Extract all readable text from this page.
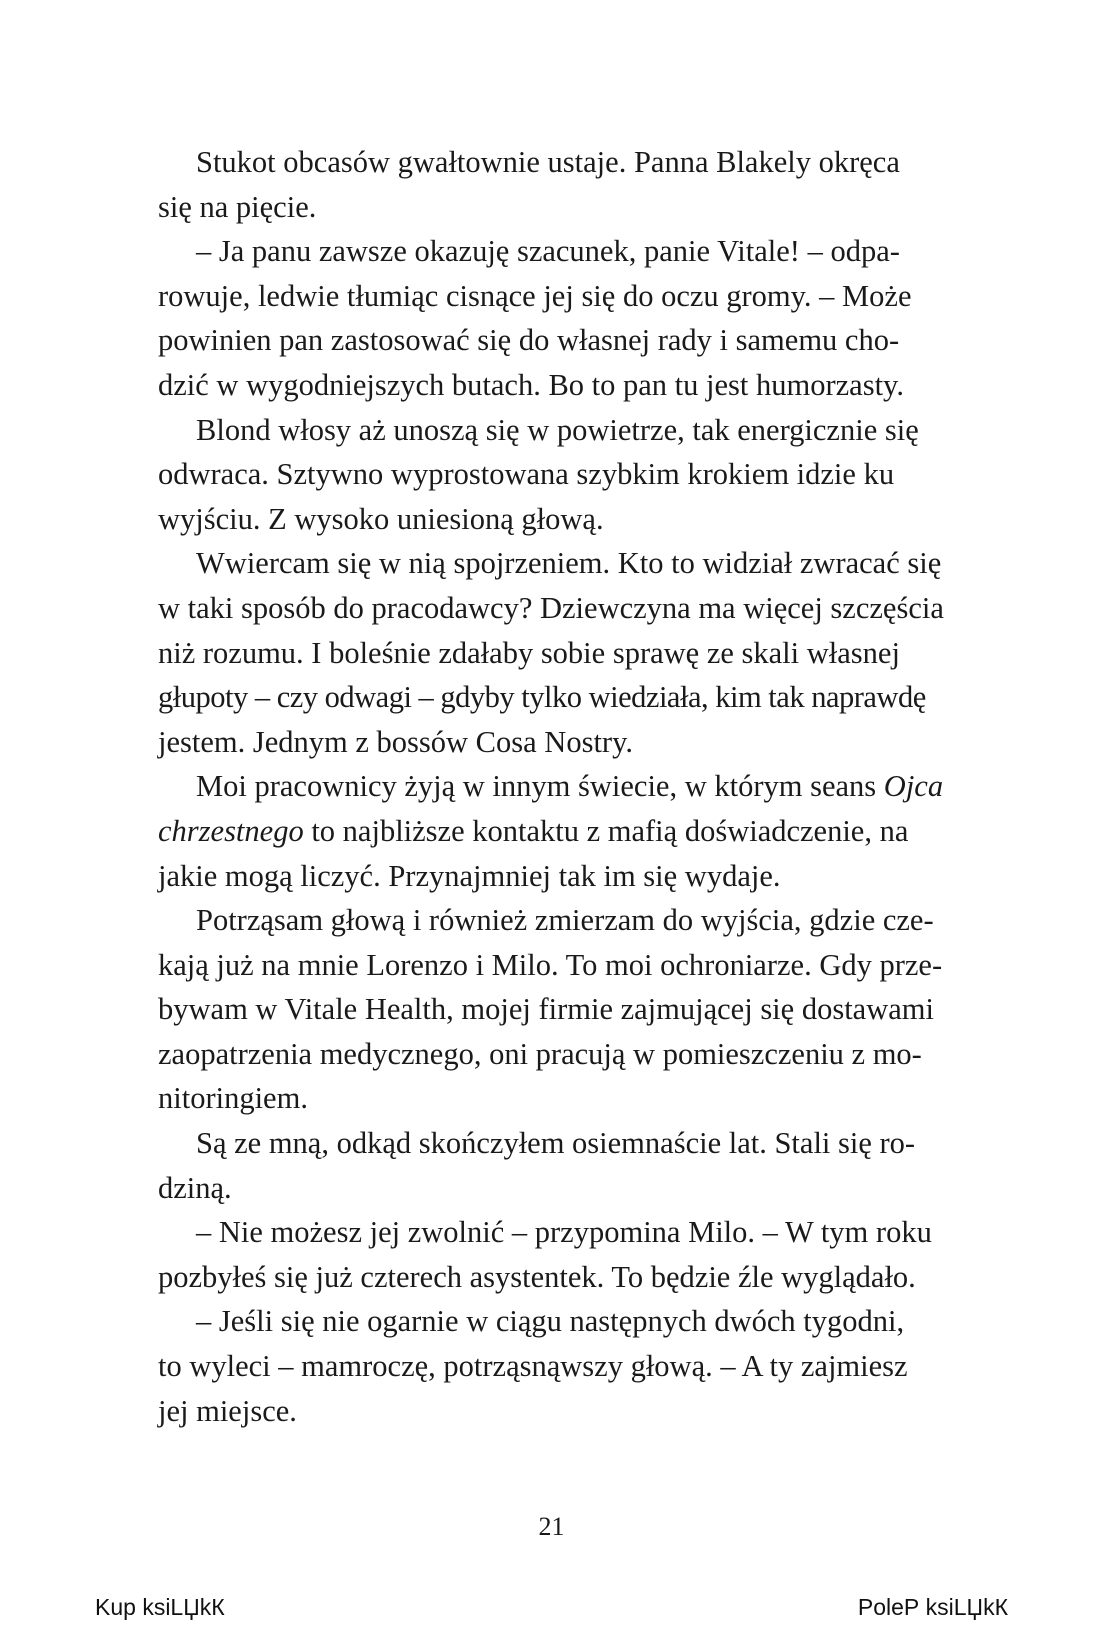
Stukot obcasów gwałtownie ustaje. Panna Blakely okręca
się na pięcie.

– Ja panu zawsze okazuję szacunek, panie Vitale! – odpa-
rowuje, ledwie tłumiąc cisnące jej się do oczu gromy. – Może
powinien pan zastosować się do własnej rady i samemu cho-
dzić w wygodniejszych butach. Bo to pan tu jest humorzasty.

Blond włosy aż unoszą się w powietrze, tak energicznie się
odwraca. Sztywno wyprostowana szybkim krokiem idzie ku
wyjściu. Z wysoko uniesioną głową.

Wwiercam się w nią spojrzeniem. Kto to widział zwracać się
w taki sposób do pracodawcy? Dziewczyna ma więcej szczęścia
niż rozumu. I boleśnie zdałaby sobie sprawę ze skali własnej
głupoty – czy odwagi – gdyby tylko wiedziała, kim tak naprawdę
jestem. Jednym z bossów Cosa Nostry.

Moi pracownicy żyją w innym świecie, w którym seans Ojca
chrzestnego to najbliższe kontaktu z mafią doświadczenie, na
jakie mogą liczyć. Przynajmniej tak im się wydaje.

Potrząsam głową i również zmierzam do wyjścia, gdzie cze-
kają już na mnie Lorenzo i Milo. To moi ochroniarze. Gdy prze-
bywam w Vitale Health, mojej firmie zajmującej się dostawami
zaopatrzenia medycznego, oni pracują w pomieszczeniu z mo-
nitoringiem.

Są ze mną, odkąd skończyłem osiemnaście lat. Stali się ro-
dziną.

– Nie możesz jej zwolnić – przypomina Milo. – W tym roku
pozbyłeś się już czterech asystentek. To będzie źle wyglądało.

– Jeśli się nie ogarnie w ciągu następnych dwóch tygodni,
to wyleci – mamroczę, potrząsnąwszy głową. – A ty zajmiesz
jej miejsce.

21
Kup ksiLЏkК	PoleР ksiLЏkК
